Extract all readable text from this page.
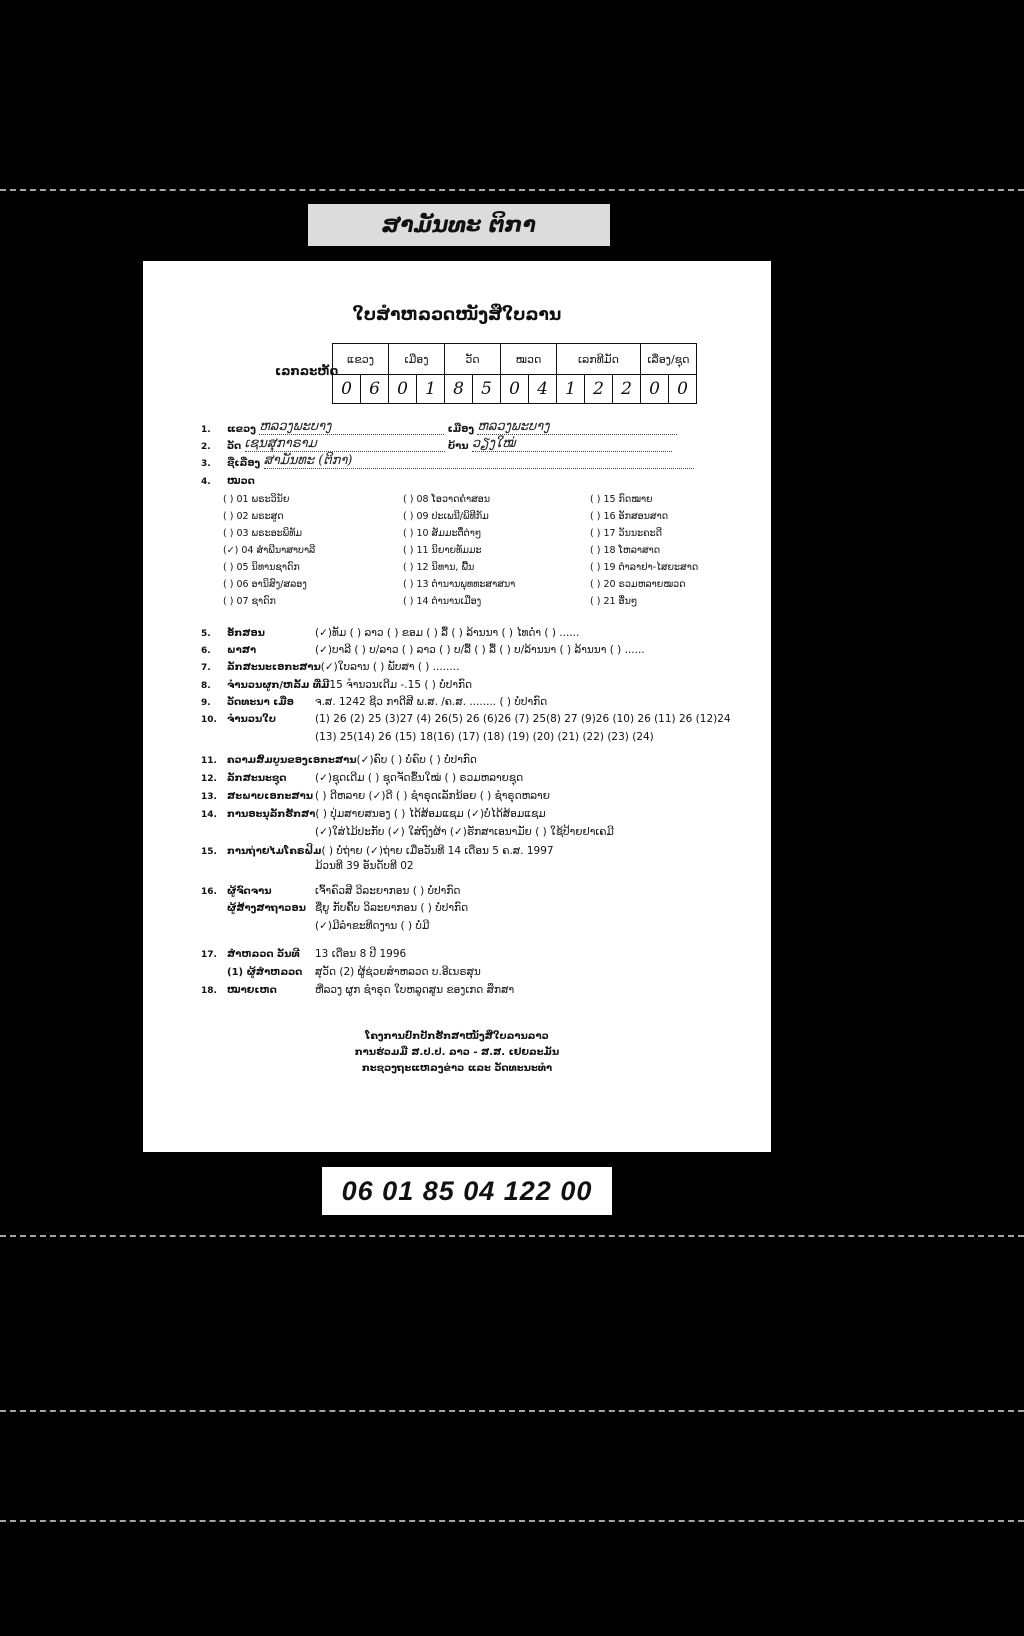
ສາມັນທະ ຕິກາ
ໃບສຳຫລວດໜັງສືໃບລານ
ເລກລະຫັດ
ແຂວງ		ເມືອງ		ວັດ		ໝວດ		ເລກທີມັດ			ເລື່ອງ/ຊຸດ	
0	6	0	1	8	5	0	4	1	2	2	0	0
1. ແຂວງ ຫລວງພະບາງ	ເມືອງ ຫລວງພະບາງ
2. ວັດ ເຊນສຸກາຣາມ	ບ້ານ ວຽງໃໝ່
3. ຊື່ເລື່ອງ ສາມັນທະ (ຕິກາ)
4. ໝວດ
( ) 01 ພຣະວິນັຍ
( ) 02 ພຣະສູດ
( ) 03 ພຣະອະພິທັມ
(✓) 04 ສຳພີນາສາບາລີ
( ) 05 ນິທານຊາດົກ
( ) 06 ອານິສົງ/ສລອງ
( ) 07 ຊາດົກ
( ) 08 ໂອວາດຄຳສອນ
( ) 09 ປະເພນີ/ພິທີກັມ
( ) 10 ສັມມະຕິ໋ຕ່າໆ
( ) 11 ນິຍາຍທັມມະ
( ) 12 ນິທານ, ພື້ນ
( ) 13 ຕຳນານພຸທທະສາສນາ
( ) 14 ຕຳນານເມືອງ
( ) 15 ກົດໝາຍ
( ) 16 ອັກສອນສາດ
( ) 17 ວັນນະຄະດີ
( ) 18 ໂຫລາສາດ
( ) 19 ຕຳລາຢາ-ໄສຍະສາດ
( ) 20 ຣວມຫລາຍໝວດ
( ) 21 ອື່ນໆ
5. ອັກສອນ	(✓)ທັມ ( ) ລາວ ( ) ຂອມ ( ) ລື້ ( ) ລ້ານນາ ( ) ໄທດຳ ( ) ......
6. ພາສາ	(✓)ບາລີ ( ) ບ/ລາວ ( ) ລາວ ( ) ບ/ລື້ ( ) ລື້ ( ) ບ/ລ້ານນາ ( ) ລ້ານນາ ( ) ......
7. ລັກສະນະເອກະສານ(✓)ໃບລານ ( ) ພັບສາ ( ) ........
8. ຈຳນວນຜູກ/ຫລັ້ມ ທີ່ມີ15 ຈຳນວນເດີມ -.15 ( ) ບໍ່ປາກົດ
9. ວັດທະນາ ເມື່ອ ຈ.ສ. 1242 ຊີວ ກາດີສີ ພ.ສ. /ຄ.ສ. ........ ( ) ບໍ່ປາກົດ
10. ຈຳນວນໃບ	(1) 26 (2) 25 (3)27 (4) 26(5) 26 (6)26 (7) 25(8) 27 (9)26 (10) 26 (11) 26 (12)24
(13) 25(14) 26 (15) 18(16) (17) (18) (19) (20) (21) (22) (23) (24)
11. ຄວາມສົມບູນຂອງເອກະສານ(✓)ຄົບ ( ) ບໍ່ຄົບ ( ) ບໍ່ປາກົດ
12. ລັກສະນະຊຸດ	(✓)ຊຸດເດີມ ( ) ຊຸດຈັດຂຶ້ນໃໝ່ ( ) ຣວມຫລາຍຊຸດ
13. ສະພາບເອກະສານ ( ) ດີຫລາຍ (✓)ດີ ( ) ຊຳຣຸດເລັກນ້ອຍ ( ) ຊຳຣຸດຫລາຍ
14. ການອະນຸລັກຮັກສາ( ) ປຸ່ມສາຍສນອງ ( ) ໄດ້ສ້ອມແຊມ (✓)ບໍ່ໄດ້ສ້ອມແຊມ
(✓)ໃສ່ໄມ້ປະກັບ (✓) ໃສ່ຖົງຜ້າ (✓)ຮັກສາເອນາມັຍ ( ) ໃຊ້ປ້າຍຢາເຄມີ
15. ການຖ່າຍໄມໂຄຣຟິມ( ) ບໍ່ຖ່າຍ (✓)ຖ່າຍ ເມື່ອວັນທີ 14 ເດືອນ 5 ຄ.ສ. 1997
ມ້ວນທີ 39 ອັນດັບທີ 02
16. ຜູ້ຈົດຈານ	ເຈົ້າຄົວສີ ວິລະຍາກອນ ( ) ບໍ່ປາກົດ
ຜູ້ສ້າງສາຖາວອນ ຊື່ຍູ ກັບຄ້ົບ ວິລະຍາກອນ ( ) ບໍ່ປາກົດ
(✓)ມີລຳຂະທີດງານ ( ) ບໍ່ມີ
17. ສຳຫລວດ ວັນທີ 13 ເດືອນ 8 ປີ 1996
(1) ຜູ້ສຳຫລວດ ສຸວັດ (2) ຜູ້ຊ່ວຍສຳຫລວດ ບ.ອີເນຣສຸນ
18. ໝາຍເຫດ	ຫີ່ລວງ ຜູກ ຊຳຣຸດ ໃບຫລູດສູນ ຂອງເກດ ສຶກສາ
ໂຄງການປົກປັກຮັກສາໜັງສືໃບລານລາວ
ການຮ່ວມມື ສ.ປ.ປ. ລາວ - ສ.ສ. ເຢຍລະມັນ
ກະຊວງຖະແຫລງຂ່າວ ແລະ ວັດທະນະທຳ
06 01 85 04 122 00
